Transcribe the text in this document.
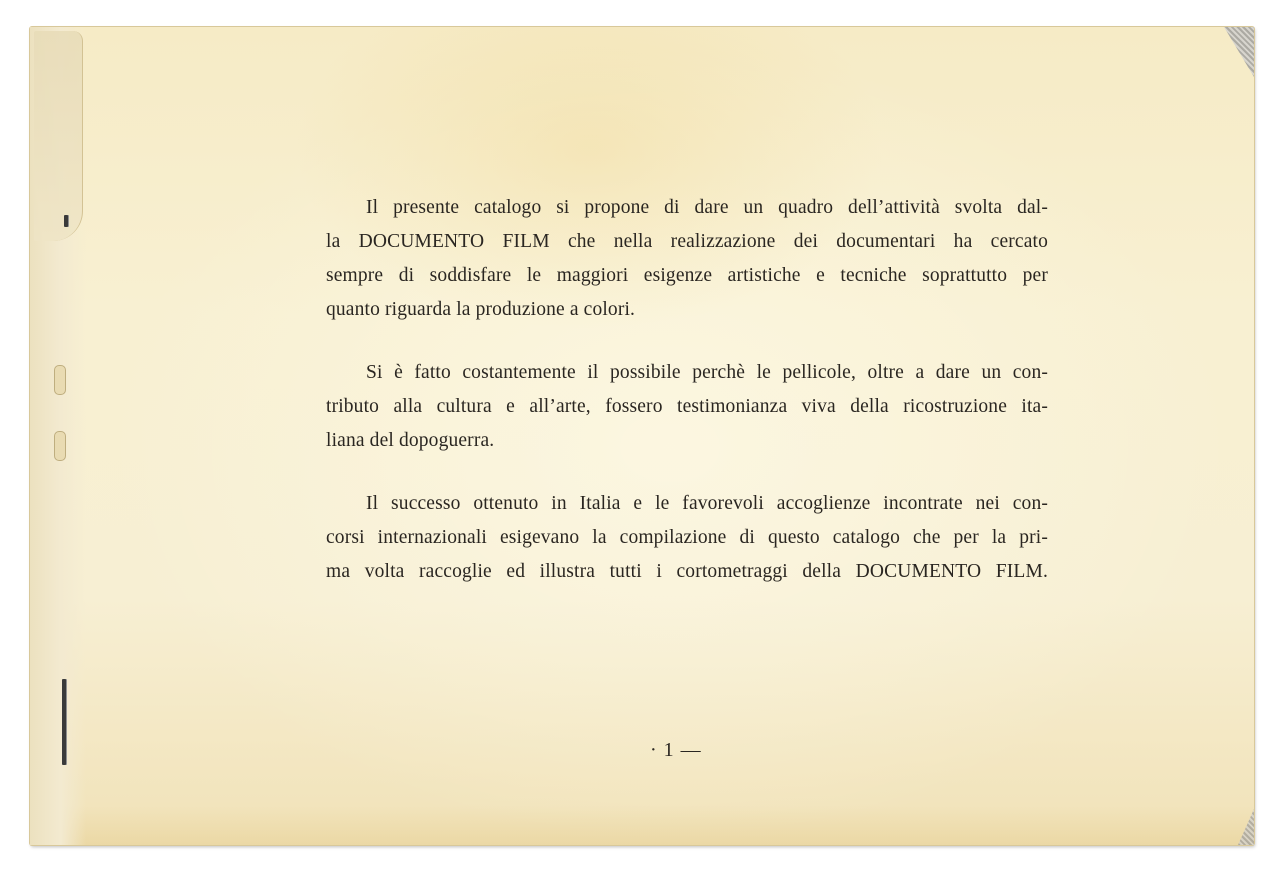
Il presente catalogo si propone di dare un quadro dell’attività svolta dal-
la DOCUMENTO FILM che nella realizzazione dei documentari ha cercato
sempre di soddisfare le maggiori esigenze artistiche e tecniche soprattutto per
quanto riguarda la produzione a colori.

Si è fatto costantemente il possibile perchè le pellicole, oltre a dare un con-
tributo alla cultura e all’arte, fossero testimonianza viva della ricostruzione ita-
liana del dopoguerra.

Il successo ottenuto in Italia e le favorevoli accoglienze incontrate nei con-
corsi internazionali esigevano la compilazione di questo catalogo che per la pri-
ma volta raccoglie ed illustra tutti i cortometraggi della DOCUMENTO FILM.

· 1 —
